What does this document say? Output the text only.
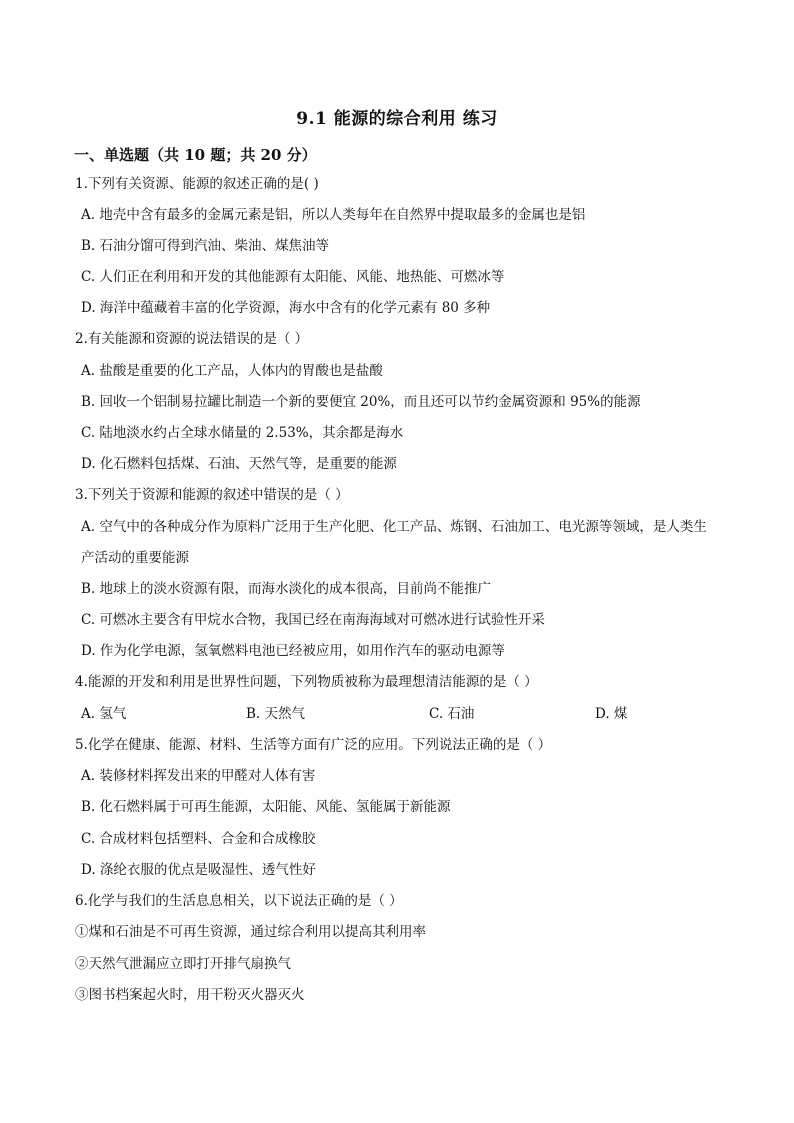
9.1 能源的综合利用 练习
一、单选题（共 10 题；共 20 分）
1.下列有关资源、能源的叙述正确的是( )
A. 地壳中含有最多的金属元素是铝，所以人类每年在自然界中提取最多的金属也是铝
B. 石油分馏可得到汽油、柴油、煤焦油等
C. 人们正在利用和开发的其他能源有太阳能、风能、地热能、可燃冰等
D. 海洋中蕴藏着丰富的化学资源，海水中含有的化学元素有 80 多种
2.有关能源和资源的说法错误的是（ ）
A. 盐酸是重要的化工产品，人体内的胃酸也是盐酸
B. 回收一个铝制易拉罐比制造一个新的要便宜 20%，而且还可以节约金属资源和 95%的能源
C. 陆地淡水约占全球水储量的 2.53%，其余都是海水
D. 化石燃料包括煤、石油、天然气等，是重要的能源
3.下列关于资源和能源的叙述中错误的是（ ）
A. 空气中的各种成分作为原料广泛用于生产化肥、化工产品、炼钢、石油加工、电光源等领域，是人类生
产活动的重要能源
B. 地球上的淡水资源有限，而海水淡化的成本很高，目前尚不能推广
C. 可燃冰主要含有甲烷水合物，我国已经在南海海域对可燃冰进行试验性开采
D. 作为化学电源，氢氧燃料电池已经被应用，如用作汽车的驱动电源等
4.能源的开发和利用是世界性问题，下列物质被称为最理想清洁能源的是（ ）
A. 氢气	B. 天然气	C. 石油	D. 煤
5.化学在健康、能源、材料、生活等方面有广泛的应用。下列说法正确的是（ ）
A. 装修材料挥发出来的甲醛对人体有害
B. 化石燃料属于可再生能源，太阳能、风能、氢能属于新能源
C. 合成材料包括塑料、合金和合成橡胶
D. 涤纶衣服的优点是吸湿性、透气性好
6.化学与我们的生活息息相关，以下说法正确的是（ ）
①煤和石油是不可再生资源，通过综合利用以提高其利用率
②天然气泄漏应立即打开排气扇换气
③图书档案起火时，用干粉灭火器灭火
